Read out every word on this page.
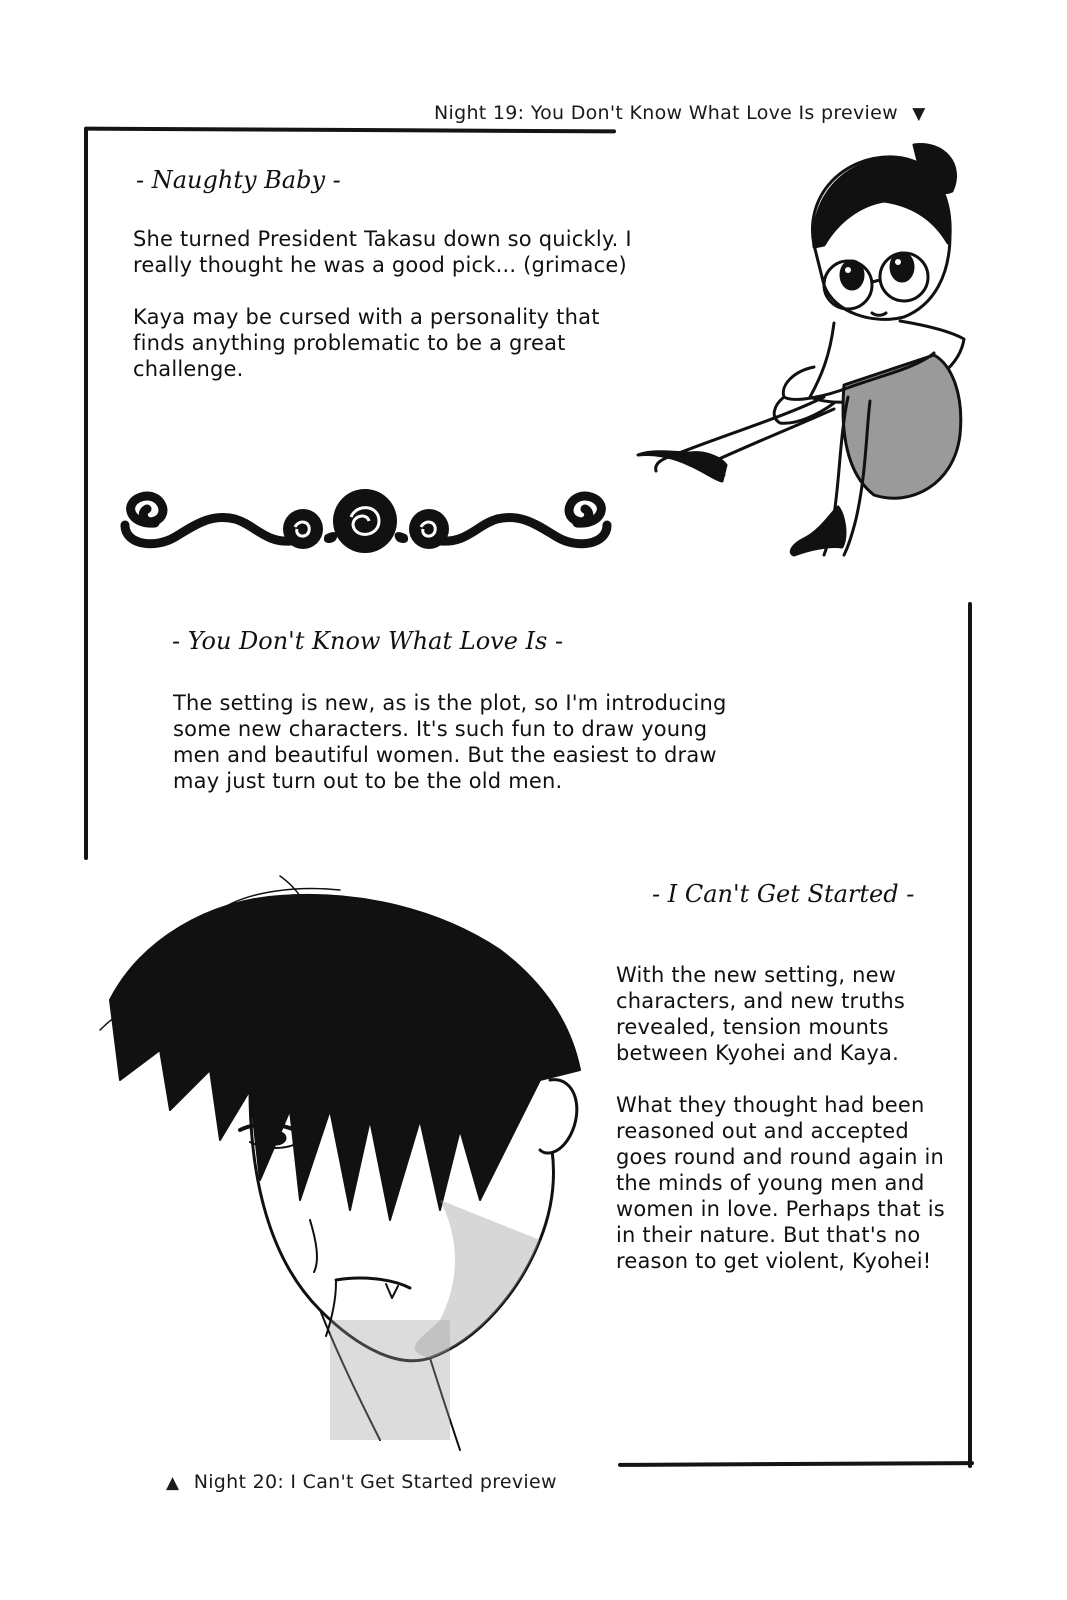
Night 19: You Don't Know What Love Is preview ▼
- Naughty Baby -

She turned President Takasu down so quickly. I really thought he was a good pick... (grimace)

Kaya may be cursed with a personality that finds anything problematic to be a great challenge.

- You Don't Know What Love Is -

The setting is new, as is the plot, so I'm introducing some new characters. It's such fun to draw young men and beautiful women. But the easiest to draw may just turn out to be the old men.

- I Can't Get Started -

With the new setting, new characters, and new truths revealed, tension mounts between Kyohei and Kaya.

What they thought had been reasoned out and accepted goes round and round again in the minds of young men and women in love. Perhaps that is in their nature. But that's no reason to get violent, Kyohei!

▲ Night 20: I Can't Get Started preview
